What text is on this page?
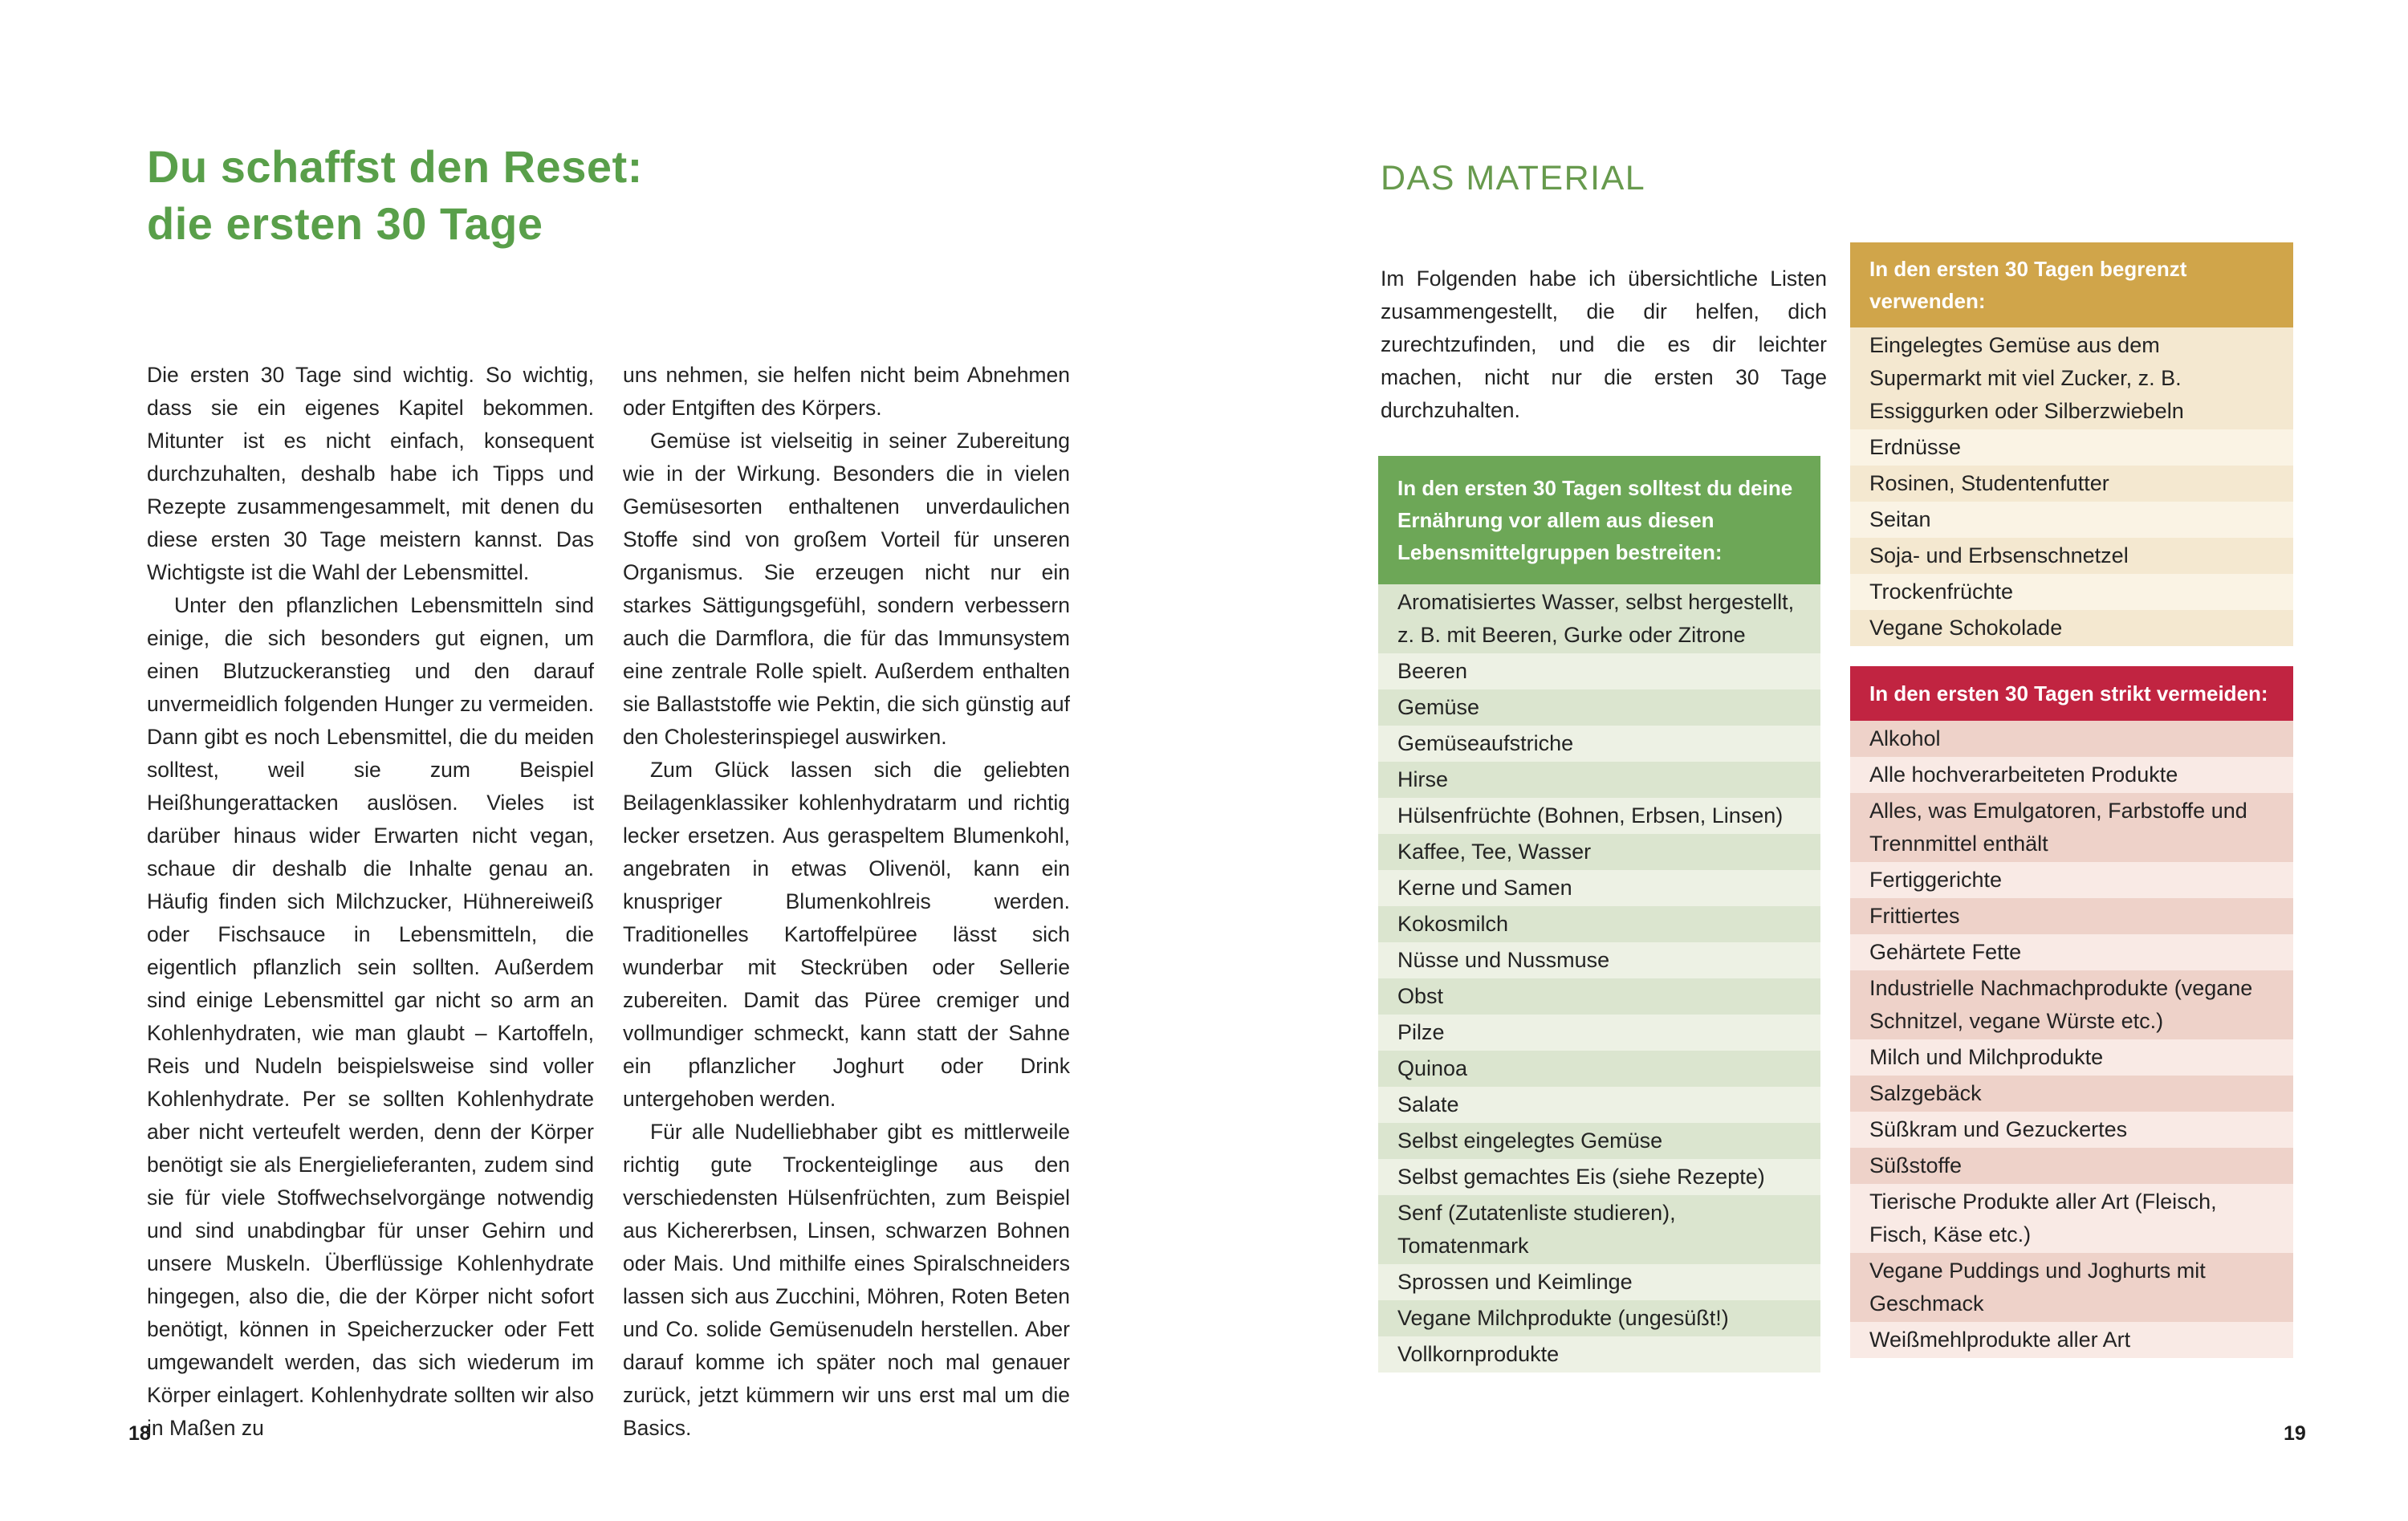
Du schaffst den Reset:
die ersten 30 Tage

Die ersten 30 Tage sind wichtig. So wichtig, dass sie ein eigenes Kapitel bekommen. Mitunter ist es nicht einfach, konsequent durchzuhalten, deshalb habe ich Tipps und Rezepte zusammengesammelt, mit denen du diese ersten 30 Tage meistern kannst. Das Wichtigste ist die Wahl der Lebensmittel.

Unter den pflanzlichen Lebensmitteln sind einige, die sich besonders gut eignen, um einen Blutzuckeranstieg und den darauf unvermeidlich folgenden Hunger zu vermeiden. Dann gibt es noch Lebensmittel, die du meiden solltest, weil sie zum Beispiel Heißhungerattacken auslösen. Vieles ist darüber hinaus wider Erwarten nicht vegan, schaue dir deshalb die Inhalte genau an. Häufig finden sich Milchzucker, Hühnereiweiß oder Fischsauce in Lebensmitteln, die eigentlich pflanzlich sein sollten. Außerdem sind einige Lebensmittel gar nicht so arm an Kohlenhydraten, wie man glaubt – Kartoffeln, Reis und Nudeln beispielsweise sind voller Kohlenhydrate. Per se sollten Kohlenhydrate aber nicht verteufelt werden, denn der Körper benötigt sie als Energielieferanten, zudem sind sie für viele Stoffwechselvorgänge notwendig und sind unabdingbar für unser Gehirn und unsere Muskeln. Überflüssige Kohlenhydrate hingegen, also die, die der Körper nicht sofort benötigt, können in Speicherzucker oder Fett umgewandelt werden, das sich wiederum im Körper einlagert. Kohlenhydrate sollten wir also in Maßen zu

uns nehmen, sie helfen nicht beim Abnehmen oder Entgiften des Körpers.

Gemüse ist vielseitig in seiner Zubereitung wie in der Wirkung. Besonders die in vielen Gemüsesorten enthaltenen unverdaulichen Stoffe sind von großem Vorteil für unseren Organismus. Sie erzeugen nicht nur ein starkes Sättigungsgefühl, sondern verbessern auch die Darmflora, die für das Immunsystem eine zentrale Rolle spielt. Außerdem enthalten sie Ballaststoffe wie Pektin, die sich günstig auf den Cholesterinspiegel auswirken.

Zum Glück lassen sich die geliebten Beilagenklassiker kohlenhydratarm und richtig lecker ersetzen. Aus geraspeltem Blumenkohl, angebraten in etwas Olivenöl, kann ein knuspriger Blumenkohlreis werden. Traditionelles Kartoffelpüree lässt sich wunderbar mit Steckrüben oder Sellerie zubereiten. Damit das Püree cremiger und vollmundiger schmeckt, kann statt der Sahne ein pflanzlicher Joghurt oder Drink untergehoben werden.

Für alle Nudelliebhaber gibt es mittlerweile richtig gute Trockenteiglinge aus den verschiedensten Hülsenfrüchten, zum Beispiel aus Kichererbsen, Linsen, schwarzen Bohnen oder Mais. Und mithilfe eines Spiralschneiders lassen sich aus Zucchini, Möhren, Roten Beten und Co. solide Gemüsenudeln herstellen. Aber darauf komme ich später noch mal genauer zurück, jetzt kümmern wir uns erst mal um die Basics.

18
DAS MATERIAL

Im Folgenden habe ich übersichtliche Listen zusammengestellt, die dir helfen, dich zurechtzufinden, und die es dir leichter machen, nicht nur die ersten 30 Tage durchzuhalten.

In den ersten 30 Tagen solltest du deine Ernährung vor allem aus diesen Lebensmittelgruppen bestreiten:
Aromatisiertes Wasser, selbst hergestellt, z. B. mit Beeren, Gurke oder Zitrone
Beeren
Gemüse
Gemüseaufstriche
Hirse
Hülsenfrüchte (Bohnen, Erbsen, Linsen)
Kaffee, Tee, Wasser
Kerne und Samen
Kokosmilch
Nüsse und Nussmuse
Obst
Pilze
Quinoa
Salate
Selbst eingelegtes Gemüse
Selbst gemachtes Eis (siehe Rezepte)
Senf (Zutatenliste studieren), Tomatenmark
Sprossen und Keimlinge
Vegane Milchprodukte (ungesüßt!)
Vollkornprodukte
In den ersten 30 Tagen begrenzt verwenden:
Eingelegtes Gemüse aus dem Supermarkt mit viel Zucker, z. B. Essiggurken oder Silberzwiebeln
Erdnüsse
Rosinen, Studentenfutter
Seitan
Soja- und Erbsenschnetzel
Trockenfrüchte
Vegane Schokolade
In den ersten 30 Tagen strikt vermeiden:
Alkohol
Alle hochverarbeiteten Produkte
Alles, was Emulgatoren, Farbstoffe und Trennmittel enthält
Fertiggerichte
Frittiertes
Gehärtete Fette
Industrielle Nachmachprodukte (vegane Schnitzel, vegane Würste etc.)
Milch und Milchprodukte
Salzgebäck
Süßkram und Gezuckertes
Süßstoffe
Tierische Produkte aller Art (Fleisch, Fisch, Käse etc.)
Vegane Puddings und Joghurts mit Geschmack
Weißmehlprodukte aller Art
19
